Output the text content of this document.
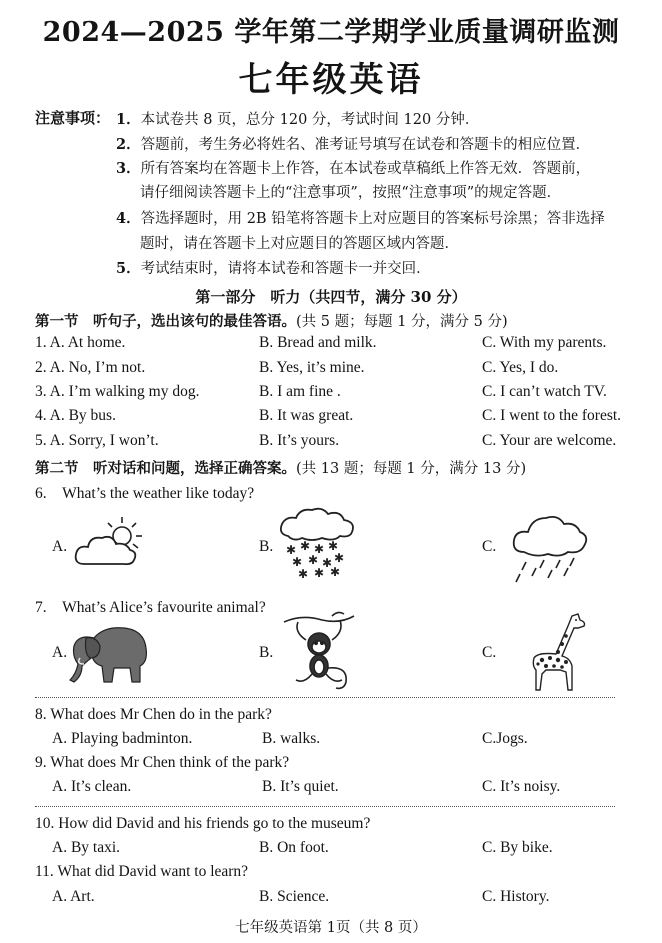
2024—2025 学年第二学期学业质量调研监测
七年级英语
注意事项： 1．本试卷共 8 页，总分 120 分，考试时间 120 分钟．
2．答题前，考生务必将姓名、准考证号填写在试卷和答题卡的相应位置．
3．所有答案均在答题卡上作答，在本试卷或草稿纸上作答无效．答题前，
请仔细阅读答题卡上的“注意事项”，按照“注意事项”的规定答题．
4．答选择题时，用 2B 铅笔将答题卡上对应题目的答案标号涂黑；答非选择
题时，请在答题卡上对应题目的答题区域内答题．
5．考试结束时，请将本试卷和答题卡一并交回．
第一部分　听力（共四节，满分 30 分）
第一节　听句子，选出该句的最佳答语。(共 5 题；每题 1 分，满分 5 分)
1. A. At home.	B. Bread and milk.	C. With my parents.
2. A. No, I’m not.	B. Yes, it’s mine.	C. Yes, I do.
3. A. I’m walking my dog.	B. I am fine .	C. I can’t watch TV.
4. A. By bus.	B. It was great.	C. I went to the forest.
5. A. Sorry, I won’t.	B. It’s yours.	C. Your are welcome.
第二节　听对话和问题，选择正确答案。(共 13 题；每题 1 分，满分 13 分)
6.　What’s the weather like today?
A.	B.	C.
✱ ✱ ✱ ✱
✱ ✱ ✱ ✱
✱ ✱ ✱
7.　What’s Alice’s favourite animal?
A.	B.	C.
8. What does Mr Chen do in the park?
A. Playing badminton.	B. walks.	C.Jogs.
9. What does Mr Chen think of the park?
A. It’s clean.	B. It’s quiet.	C. It’s noisy.
10. How did David and his friends go to the museum?
A. By taxi.	B. On foot.	C. By bike.
11. What did David want to learn?
A. Art.	B. Science.	C. History.
七年级英语第 1页（共 8 页）
